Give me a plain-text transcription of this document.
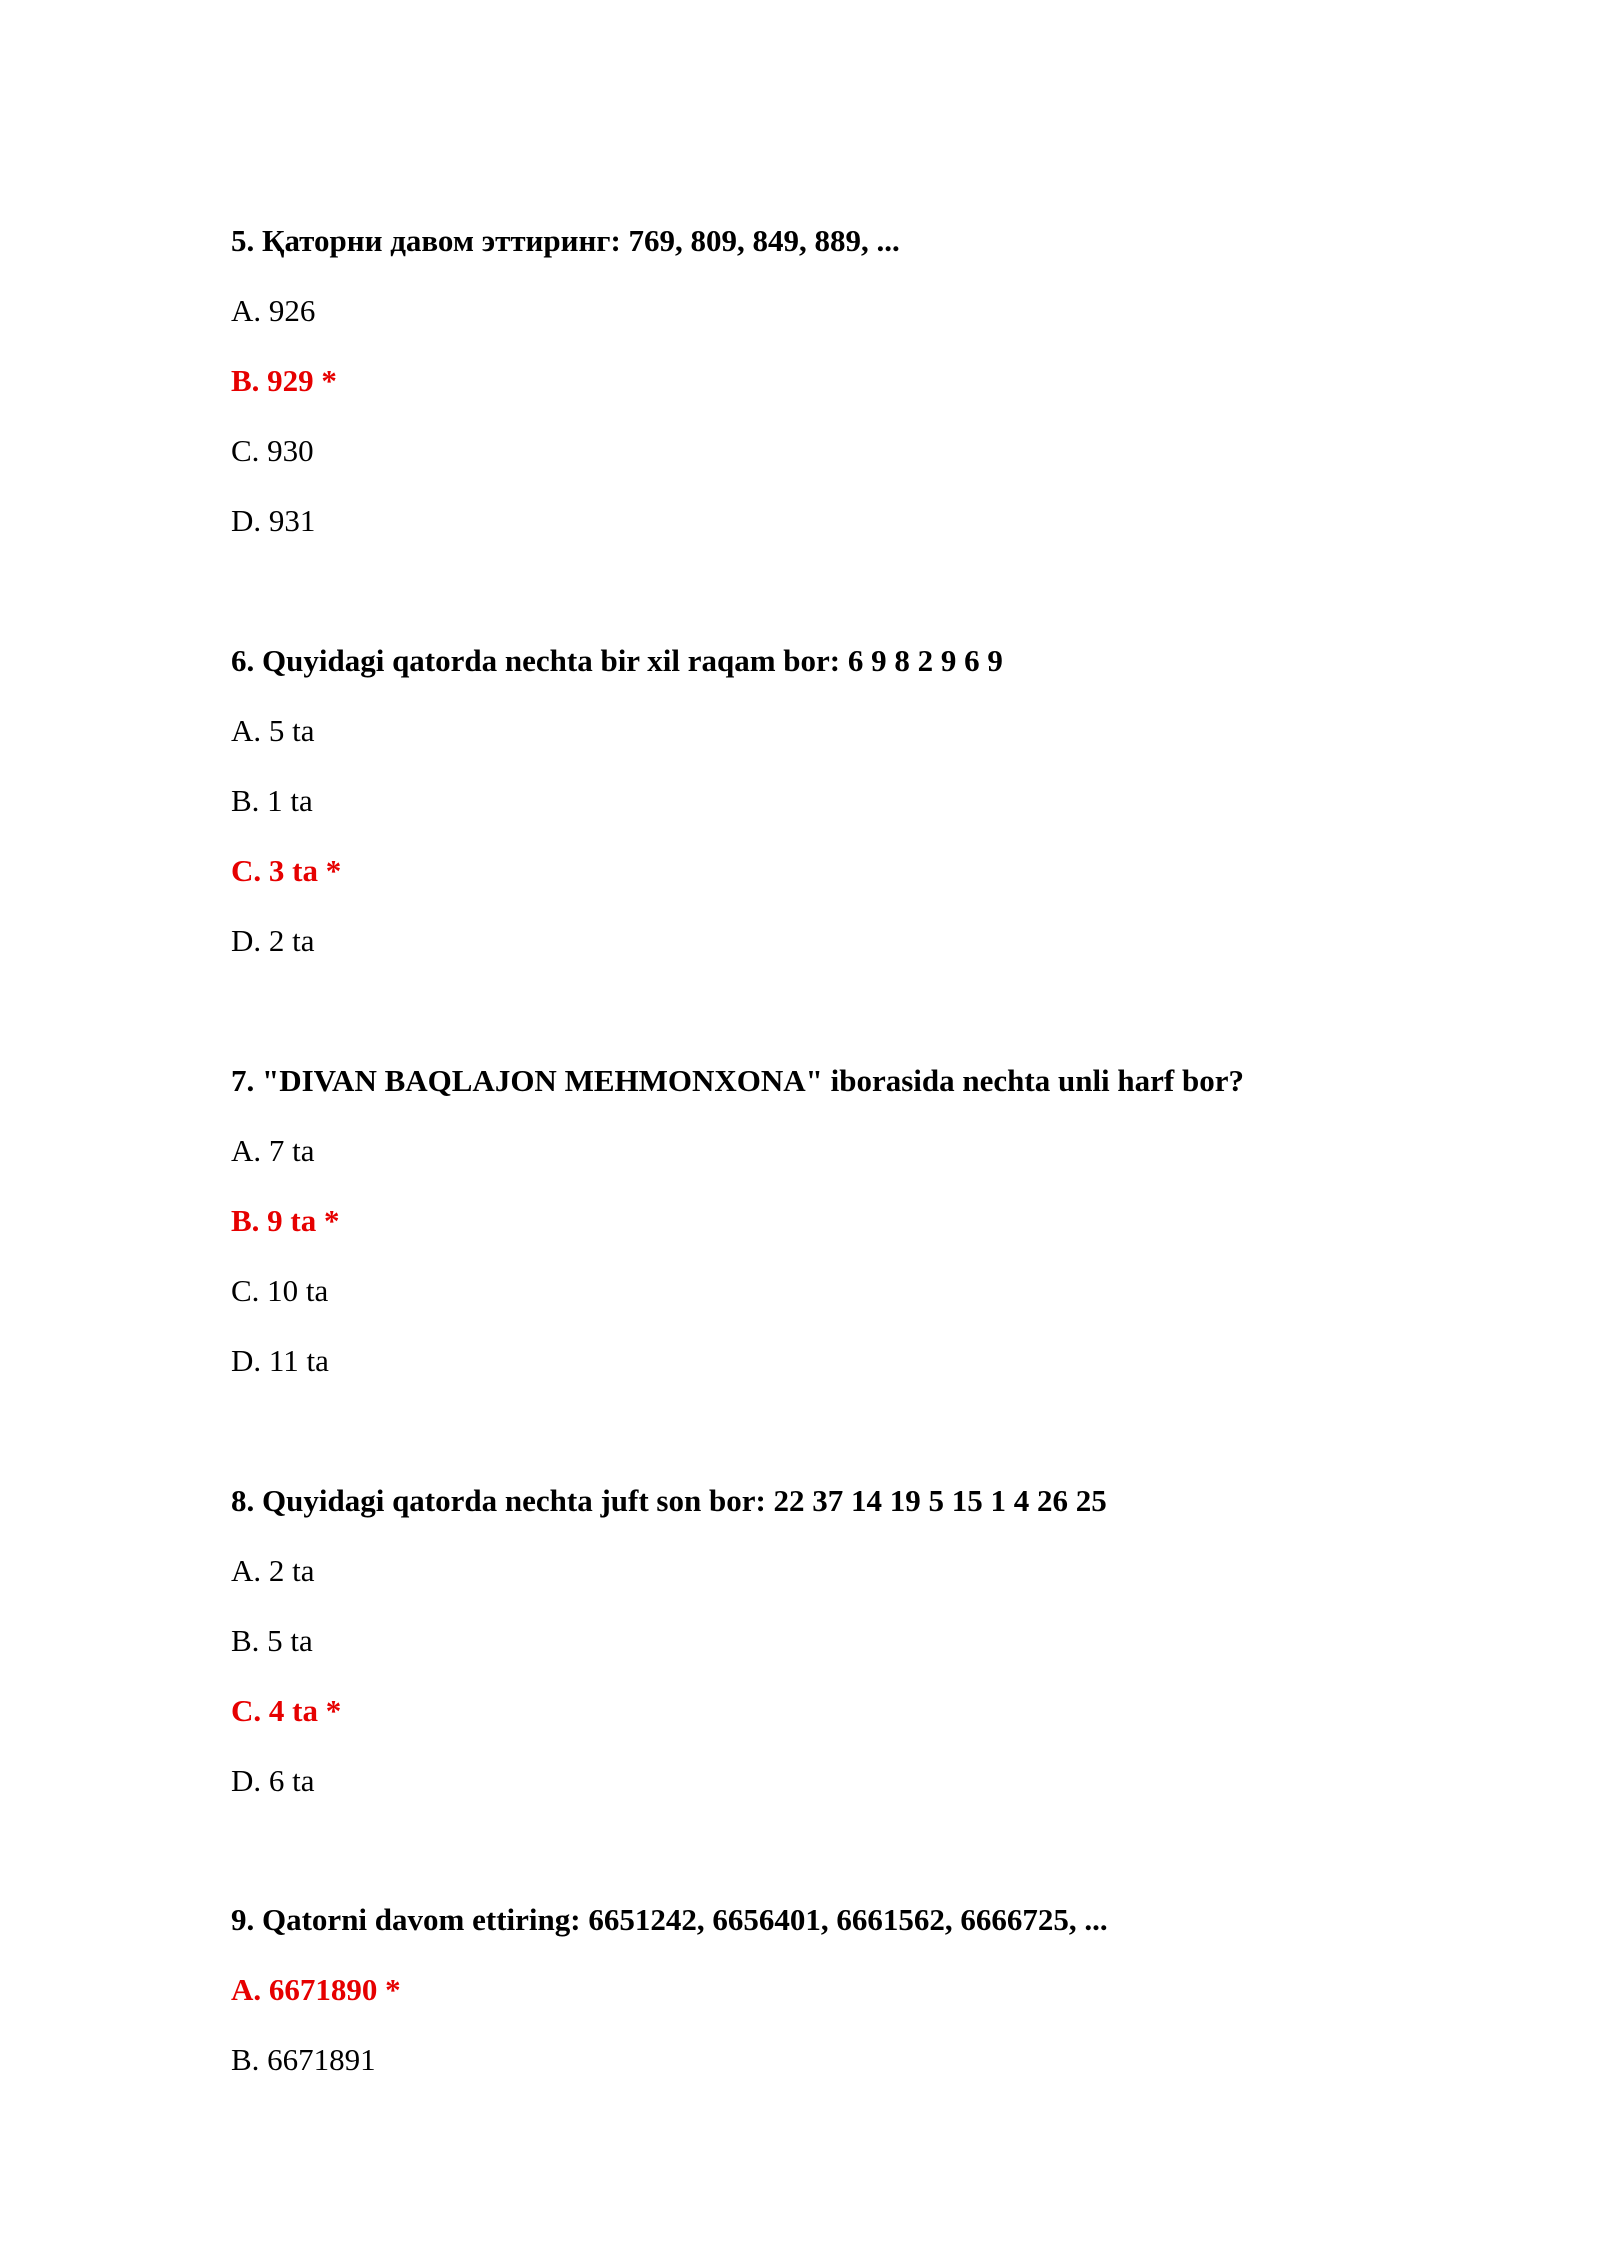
5. Қаторни давом эттиринг: 769, 809, 849, 889, ...
A. 926
B. 929 *
C. 930
D. 931
6. Quyidagi qatorda nechta bir xil raqam bor: 6 9 8 2 9 6 9
A. 5 ta
B. 1 ta
C. 3 ta *
D. 2 ta
7. "DIVAN BAQLAJON MEHMONXONA" iborasida nechta unli harf bor?
A. 7 ta
B. 9 ta *
C. 10 ta
D. 11 ta
8. Quyidagi qatorda nechta juft son bor: 22 37 14 19 5 15 1 4 26 25
A. 2 ta
B. 5 ta
C. 4 ta *
D. 6 ta
9. Qatorni davom ettiring: 6651242, 6656401, 6661562, 6666725, ...
A. 6671890 *
B. 6671891
